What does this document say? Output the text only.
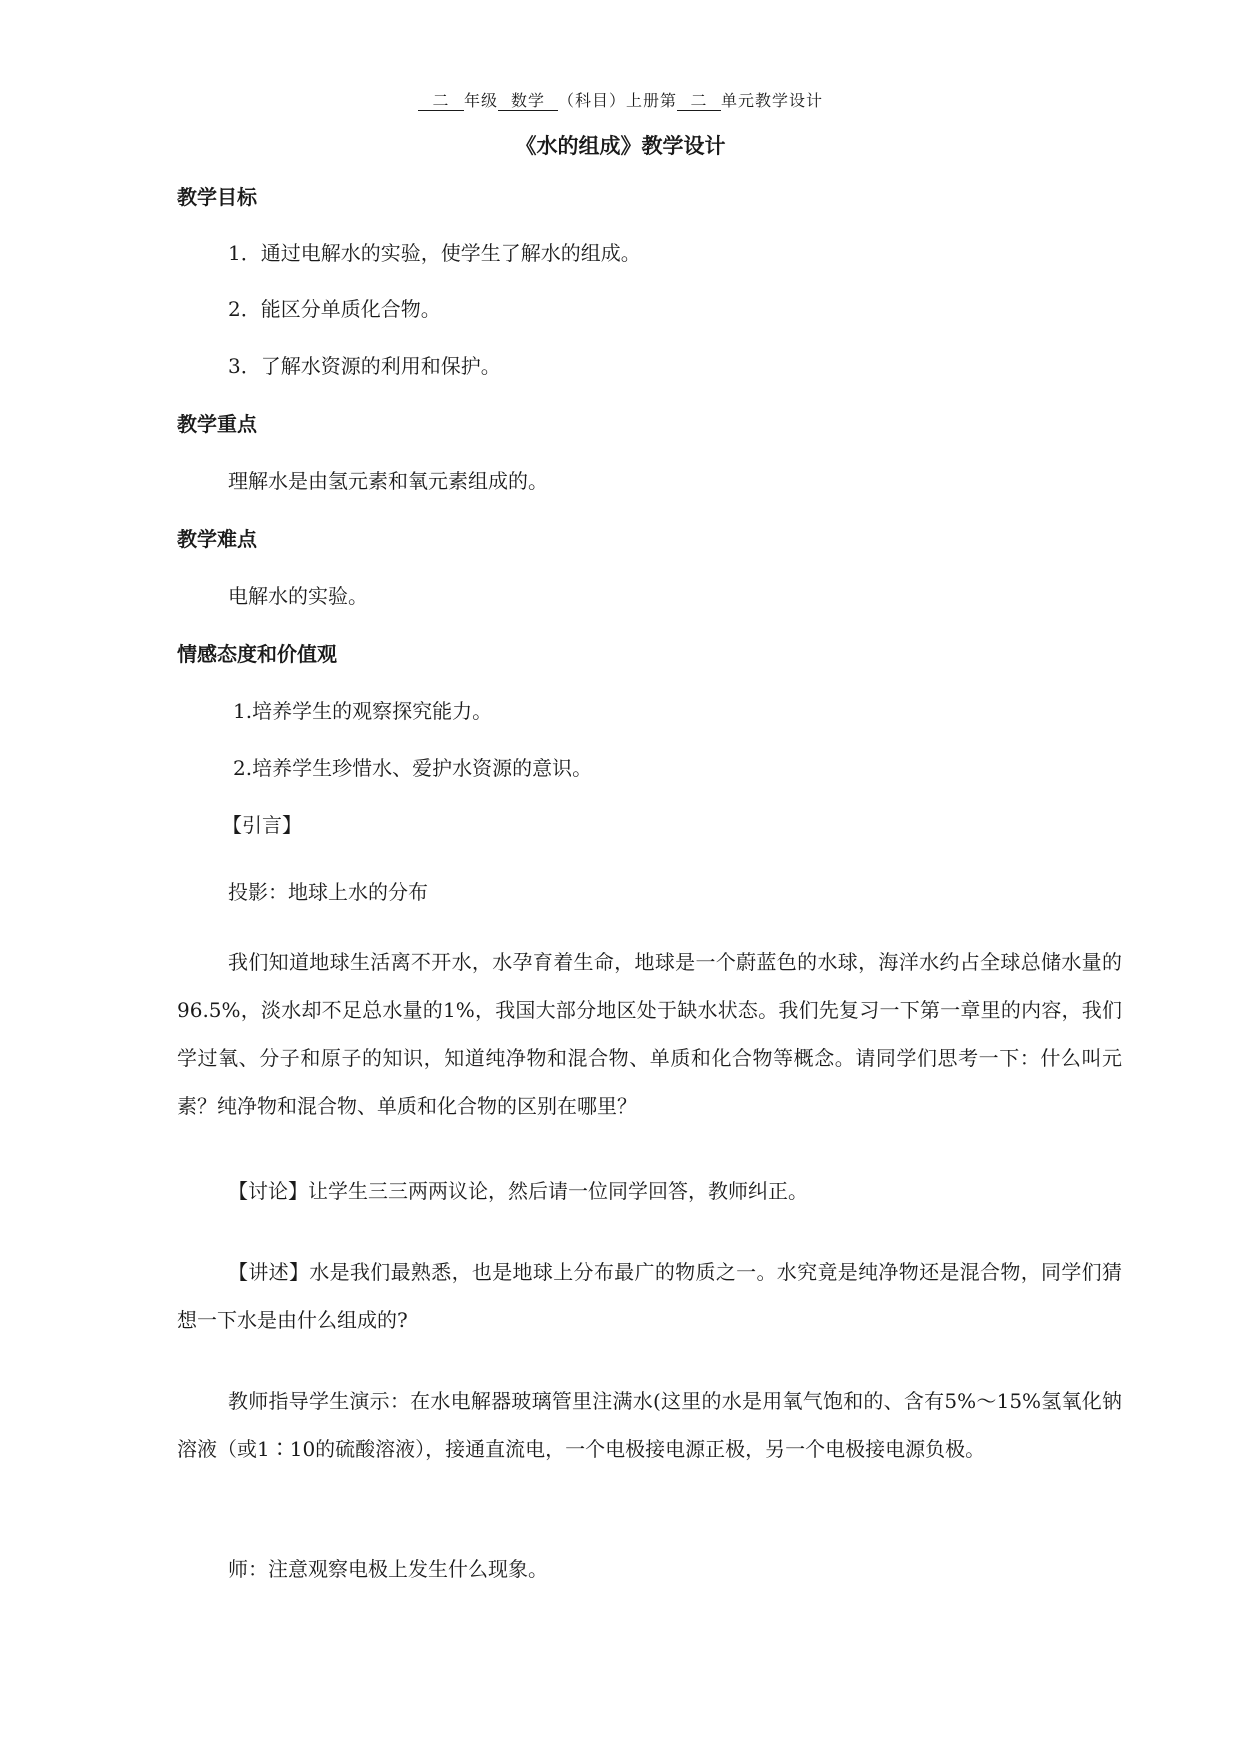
二 年级 数学 （科目）上册第 二 单元教学设计
《水的组成》教学设计
教学目标
1．通过电解水的实验，使学生了解水的组成。
2．能区分单质化合物。
3．了解水资源的利用和保护。
教学重点
理解水是由氢元素和氧元素组成的。
教学难点
电解水的实验。
情感态度和价值观
1.培养学生的观察探究能力。
2.培养学生珍惜水、爱护水资源的意识。
【引言】
投影：地球上水的分布
我们知道地球生活离不开水，水孕育着生命，地球是一个蔚蓝色的水球，海洋水约占全球总储水量的96.5%，淡水却不足总水量的1%，我国大部分地区处于缺水状态。我们先复习一下第一章里的内容，我们学过氧、分子和原子的知识，知道纯净物和混合物、单质和化合物等概念。请同学们思考一下：什么叫元素？纯净物和混合物、单质和化合物的区别在哪里？
【讨论】让学生三三两两议论，然后请一位同学回答，教师纠正。
【讲述】水是我们最熟悉，也是地球上分布最广的物质之一。水究竟是纯净物还是混合物，同学们猜想一下水是由什么组成的?
教师指导学生演示：在水电解器玻璃管里注满水(这里的水是用氧气饱和的、含有5%～15%氢氧化钠溶液（或1∶10的硫酸溶液），接通直流电，一个电极接电源正极，另一个电极接电源负极。
师：注意观察电极上发生什么现象。
